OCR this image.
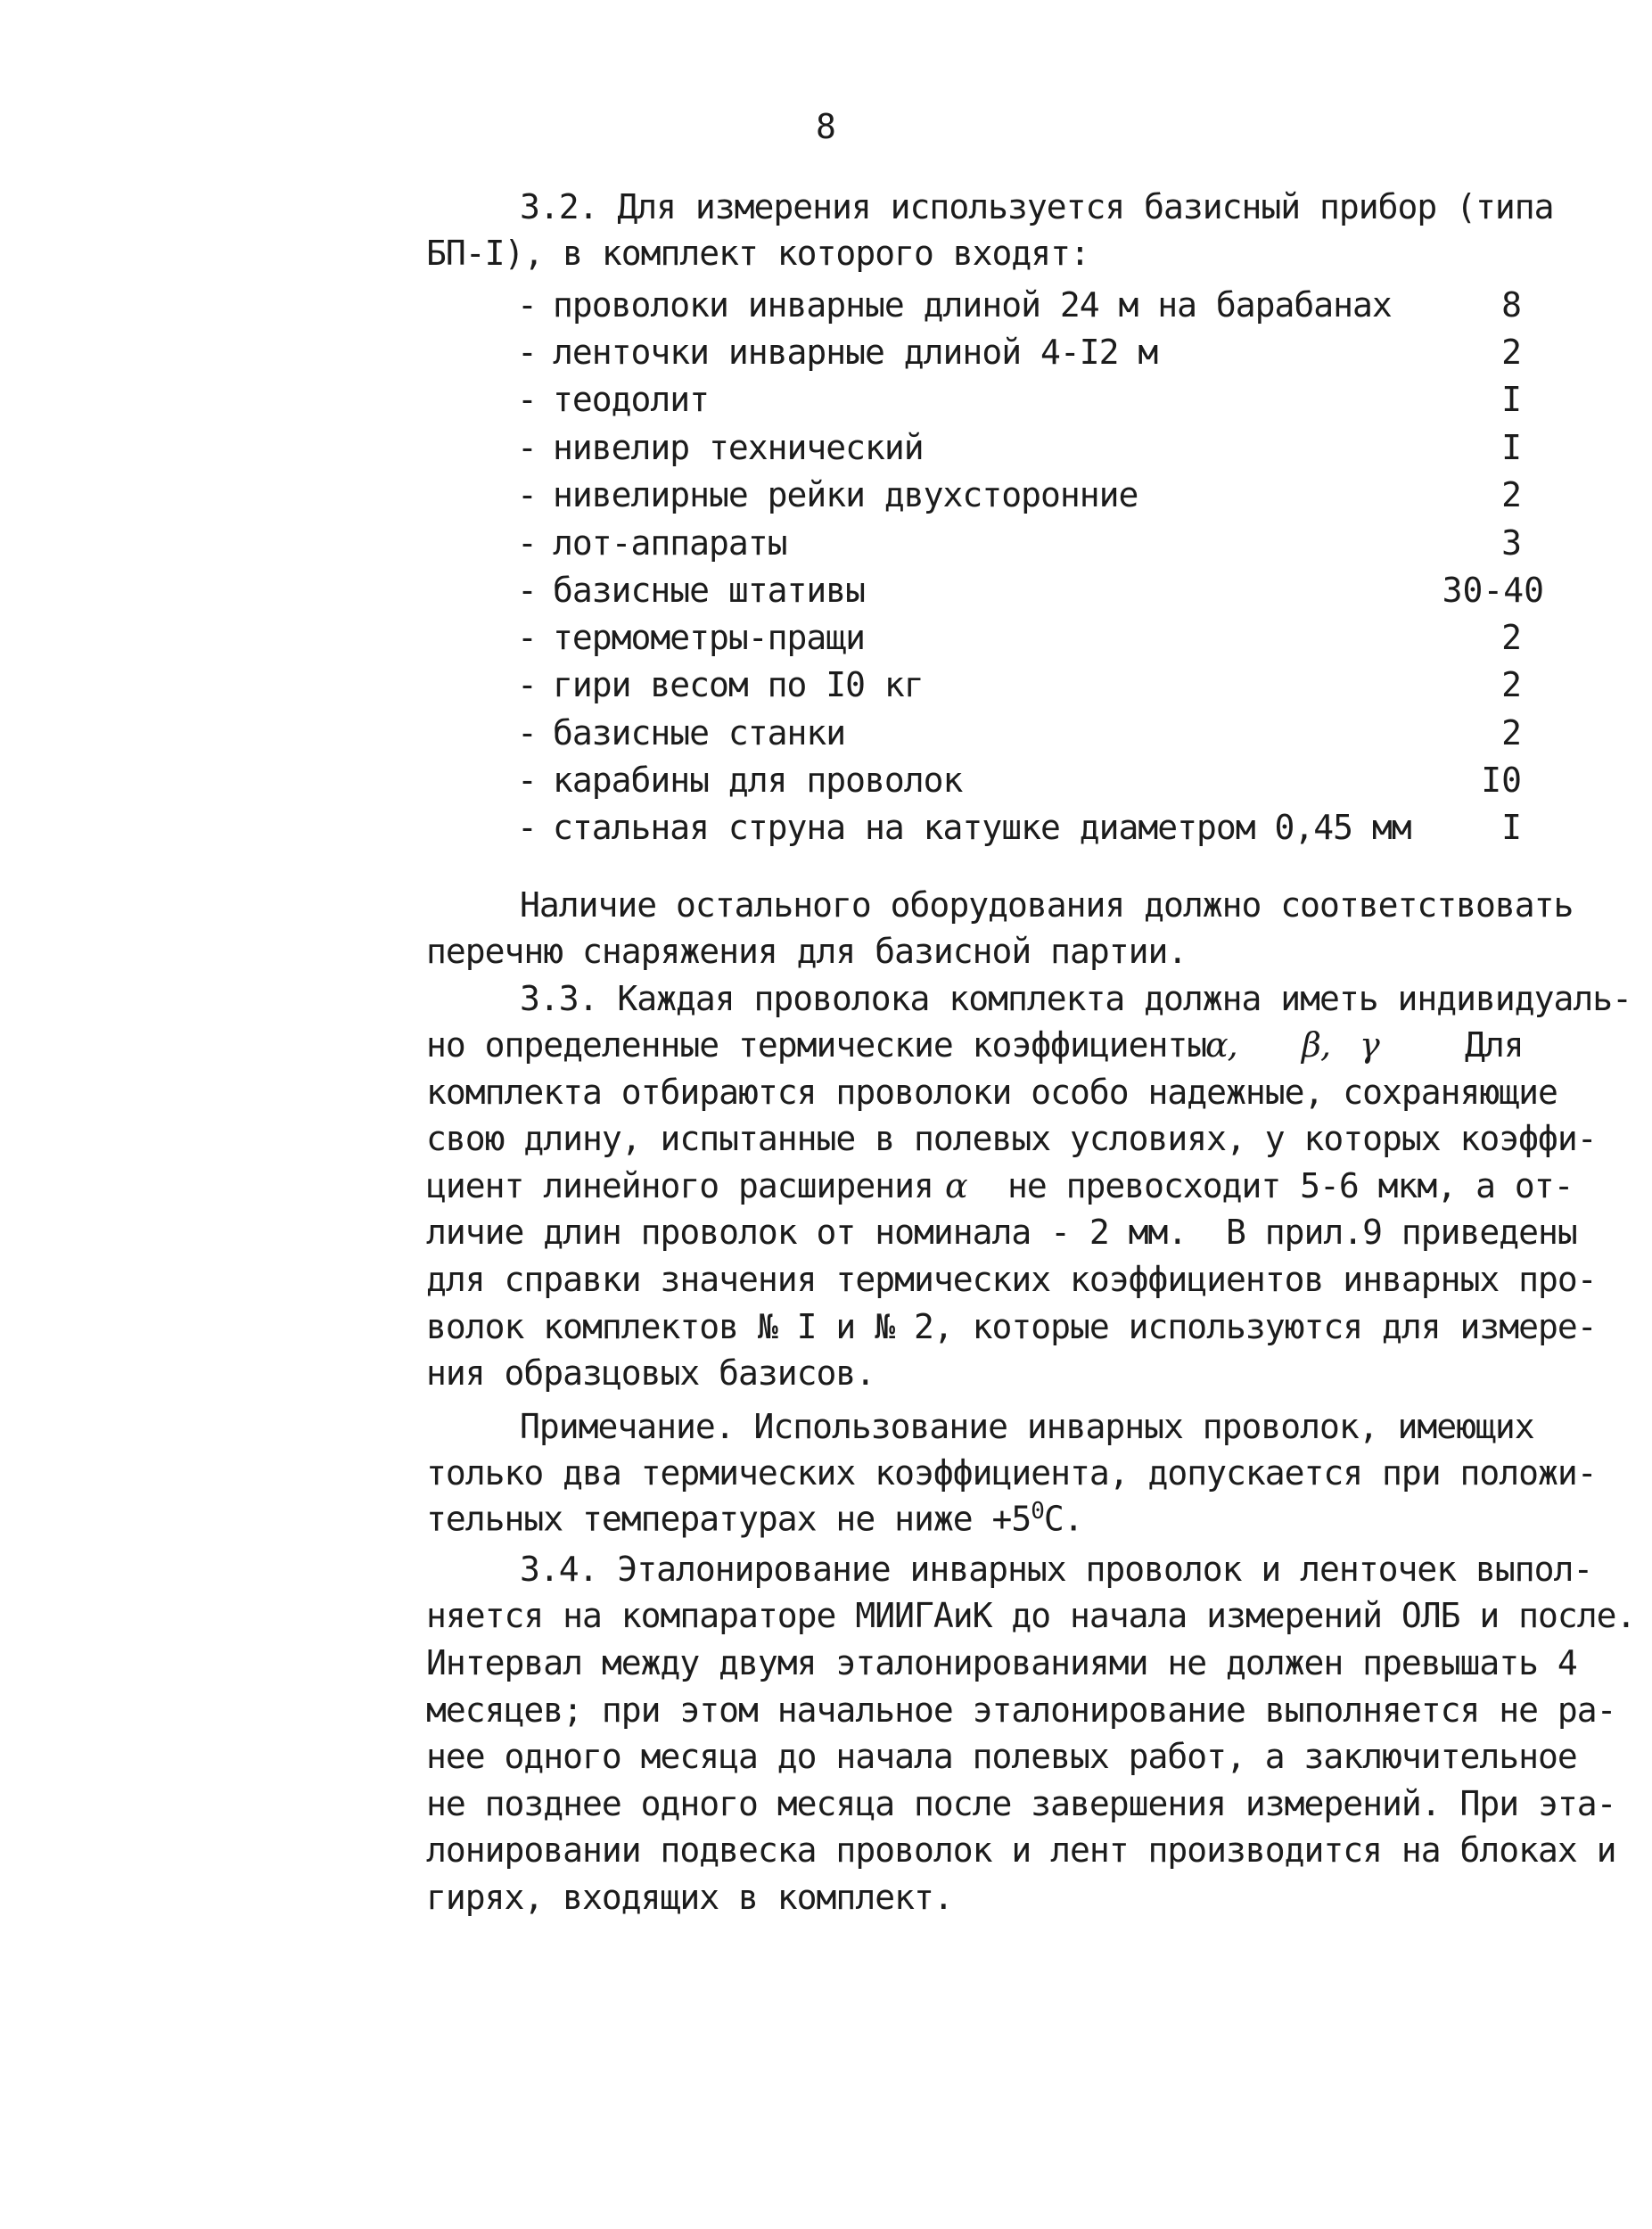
8
3.2. Для измерения используется базисный прибор (типа
БП-I), в комплект которого входят:
- проволоки инварные длиной 24 м на барабанах	8
- ленточки инварные длиной 4-I2 м	2
- теодолит	I
- нивелир технический	I
- нивелирные рейки двухсторонние	2
- лот-аппараты	3
- базисные штативы	30-40
- термометры-пращи	2
- гири весом по I0 кг	2
- базисные станки	2
- карабины для проволок	I0
- стальная струна на катушке диаметром 0,45 мм	I
Наличие остального оборудования должно соответствовать
перечню снаряжения для базисной партии.
3.3. Каждая проволока комплекта должна иметь индивидуаль-
но определенные термические коэффициенты
α, β, γ	Для
комплекта отбираются проволоки особо надежные, сохраняющие
свою длину, испытанные в полевых условиях, у которых коэффи-
циент линейного расширения α не превосходит 5-6 мкм, а от-
личие длин проволок от номинала - 2 мм.  В прил.9 приведены
для справки значения термических коэффициентов инварных про-
волок комплектов № I и № 2, которые используются для измере-
ния образцовых базисов.
Примечание. Использование инварных проволок, имеющих
только два термических коэффициента, допускается при положи-
тельных температурах не ниже $+5^0С$.
3.4. Эталонирование инварных проволок и ленточек выпол-
няется на компараторе МИИГАиК до начала измерений ОЛБ и после.
Интервал между двумя эталонированиями не должен превышать 4
месяцев; при этом начальное эталонирование выполняется не ра-
нее одного месяца до начала полевых работ, а заключительное
не позднее одного месяца после завершения измерений. При эта-
лонировании подвеска проволок и лент производится на блоках и
гирях, входящих в комплект.
